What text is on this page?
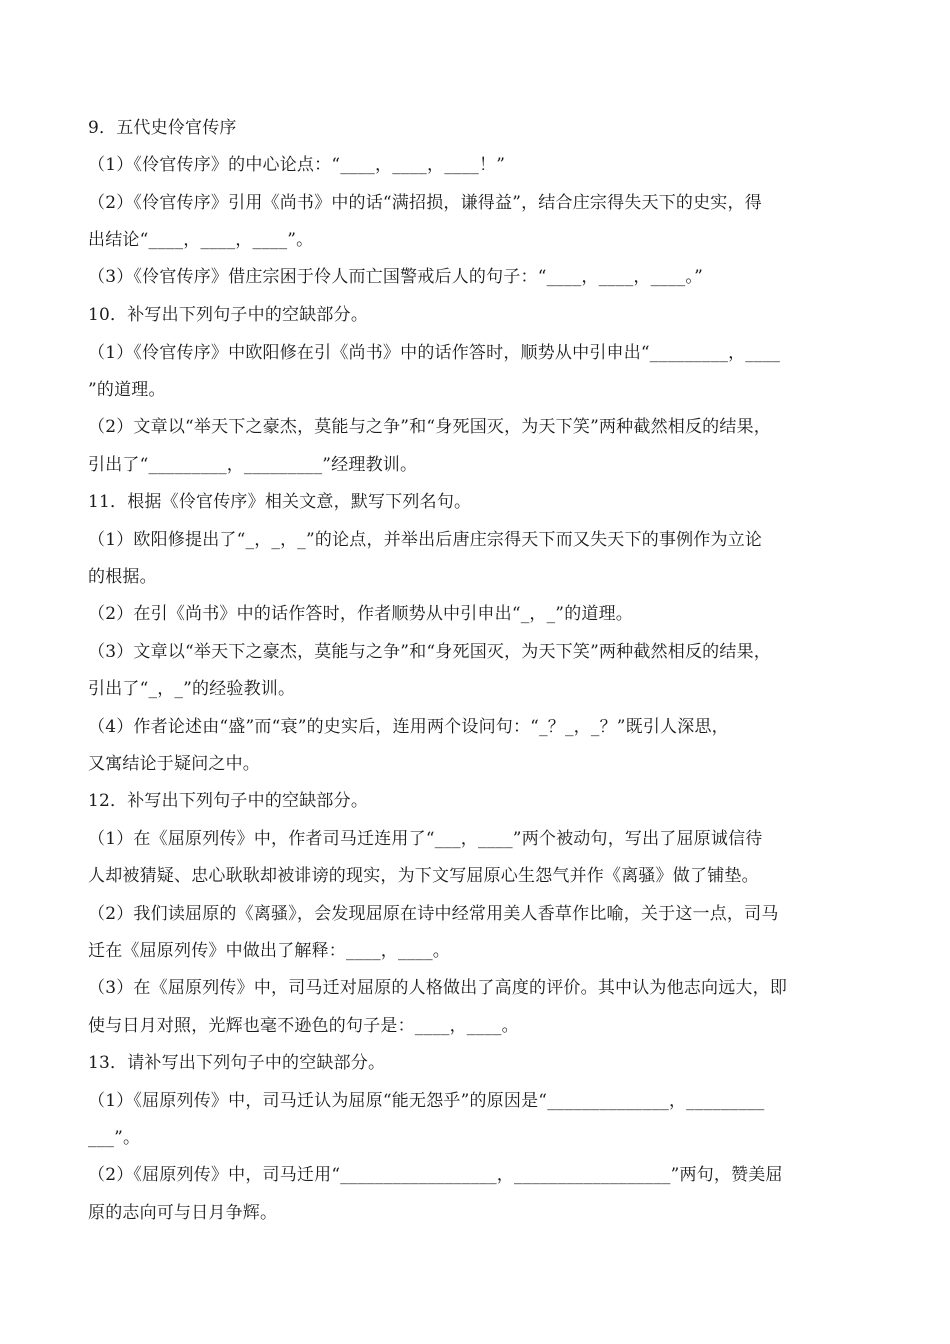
9．五代史伶官传序
（1）《伶官传序》的中心论点：“____，____，____！”
（2）《伶官传序》引用《尚书》中的话“满招损，谦得益”，结合庄宗得失天下的史实，得
出结论“____，____，____”。
（3）《伶官传序》借庄宗困于伶人而亡国警戒后人的句子：“____，____，____。”
10．补写出下列句子中的空缺部分。
（1）《伶官传序》中欧阳修在引《尚书》中的话作答时，顺势从中引申出“_________，____
”的道理。
（2）文章以“举天下之豪杰，莫能与之争”和“身死国灭，为天下笑”两种截然相反的结果，
引出了“_________，_________”经理教训。
11．根据《伶官传序》相关文意，默写下列名句。
（1）欧阳修提出了“_，_，_”的论点，并举出后唐庄宗得天下而又失天下的事例作为立论
的根据。
（2）在引《尚书》中的话作答时，作者顺势从中引申出“_，_”的道理。
（3）文章以“举天下之豪杰，莫能与之争”和“身死国灭，为天下笑”两种截然相反的结果，
引出了“_，_”的经验教训。
（4）作者论述由“盛”而“衰”的史实后，连用两个设问句：“_？_，_？”既引人深思，
又寓结论于疑问之中。
12．补写出下列句子中的空缺部分。
（1）在《屈原列传》中，作者司马迁连用了“___，____”两个被动句，写出了屈原诚信待
人却被猜疑、忠心耿耿却被诽谤的现实，为下文写屈原心生怨气并作《离骚》做了铺垫。
（2）我们读屈原的《离骚》，会发现屈原在诗中经常用美人香草作比喻，关于这一点，司马
迁在《屈原列传》中做出了解释：____，____。
（3）在《屈原列传》中，司马迁对屈原的人格做出了高度的评价。其中认为他志向远大，即
使与日月对照，光辉也毫不逊色的句子是：____，____。
13．请补写出下列句子中的空缺部分。
（1）《屈原列传》中，司马迁认为屈原“能无怨乎”的原因是“______________，_________
___”。
（2）《屈原列传》中，司马迁用“__________________，__________________”两句，赞美屈
原的志向可与日月争辉。
